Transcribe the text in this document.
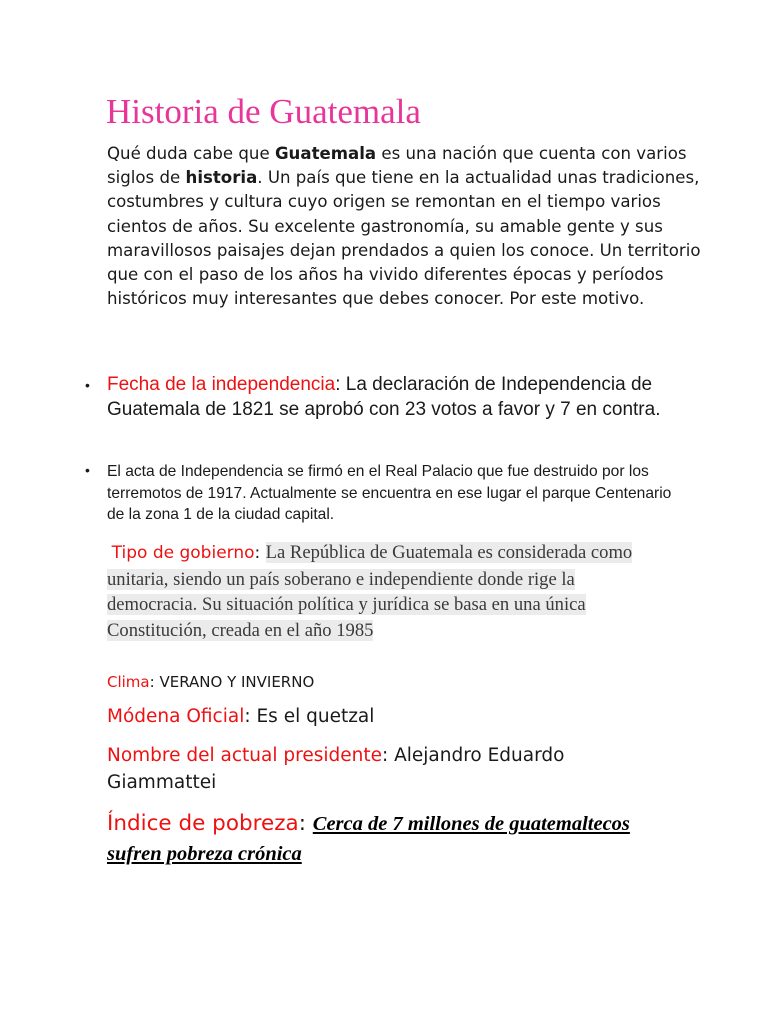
Historia de Guatemala

Qué duda cabe que Guatemala es una nación que cuenta con varios siglos de historia. Un país que tiene en la actualidad unas tradiciones, costumbres y cultura cuyo origen se remontan en el tiempo varios cientos de años. Su excelente gastronomía, su amable gente y sus maravillosos paisajes dejan prendados a quien los conoce. Un territorio que con el paso de los años ha vivido diferentes épocas y períodos históricos muy interesantes que debes conocer. Por este motivo.

• Fecha de la independencia: La declaración de Independencia de Guatemala de 1821 se aprobó con 23 votos a favor y 7 en contra.
• El acta de Independencia se firmó en el Real Palacio que fue destruido por los terremotos de 1917. Actualmente se encuentra en ese lugar el parque Centenario de la zona 1 de la ciudad capital.

Tipo de gobierno: La República de Guatemala es considerada como unitaria, siendo un país soberano e independiente donde rige la democracia. Su situación política y jurídica se basa en una única Constitución, creada en el año 1985

Clima: VERANO Y INVIERNO

Módena Oficial: Es el quetzal

Nombre del actual presidente: Alejandro Eduardo Giammattei

Índice de pobreza: Cerca de 7 millones de guatemaltecos sufren pobreza crónica
